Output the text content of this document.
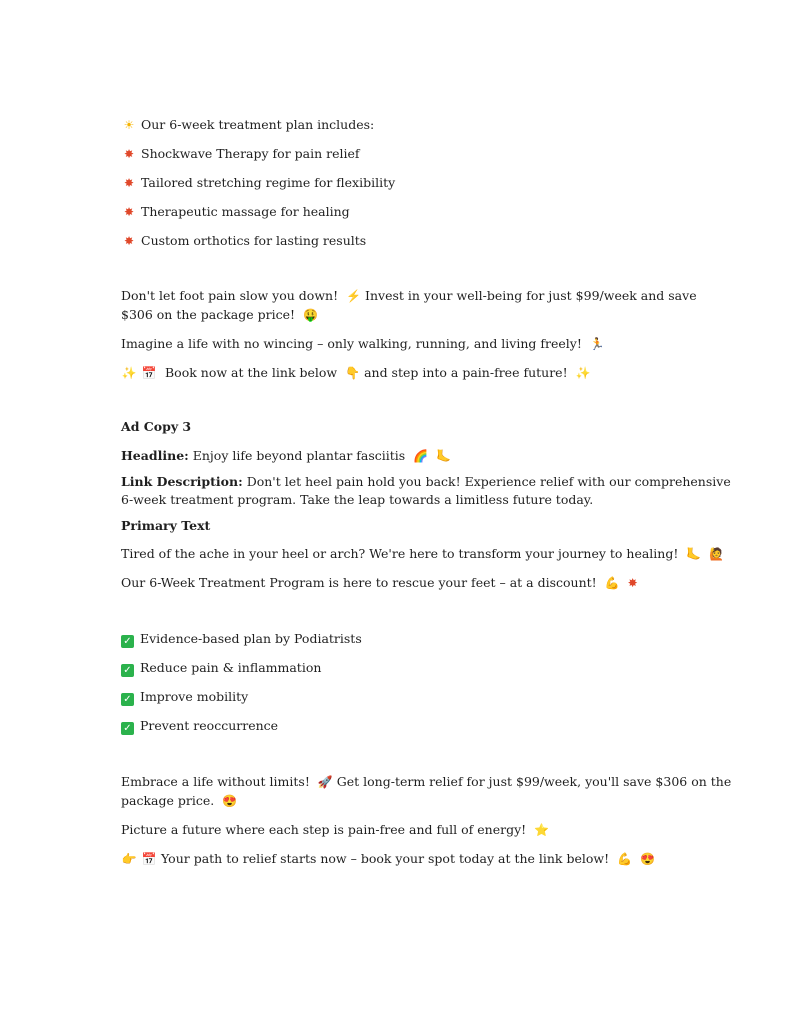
☀ Our 6-week treatment plan includes:
✸ Shockwave Therapy for pain relief
✸ Tailored stretching regime for flexibility
✸ Therapeutic massage for healing
✸ Custom orthotics for lasting results
Don't let foot pain slow you down! ⚡ Invest in your well-being for just $99/week and save
$306 on the package price! 🤑
Imagine a life with no wincing – only walking, running, and living freely! 🏃
✨ 📅 Book now at the link below 👇 and step into a pain-free future! ✨
Ad Copy 3
Headline: Enjoy life beyond plantar fasciitis 🌈 🦶
Link Description: Don't let heel pain hold you back! Experience relief with our comprehensive
6-week treatment program. Take the leap towards a limitless future today.
Primary Text
Tired of the ache in your heel or arch? We're here to transform your journey to healing! 🦶 🙋
Our 6-Week Treatment Program is here to rescue your feet – at a discount! 💪 ✸
✓ Evidence-based plan by Podiatrists
✓ Reduce pain & inflammation
✓ Improve mobility
✓ Prevent reoccurrence
Embrace a life without limits! 🚀 Get long-term relief for just $99/week, you'll save $306 on the
package price. 😍
Picture a future where each step is pain-free and full of energy! ⭐
👉 📅 Your path to relief starts now – book your spot today at the link below! 💪 😍
